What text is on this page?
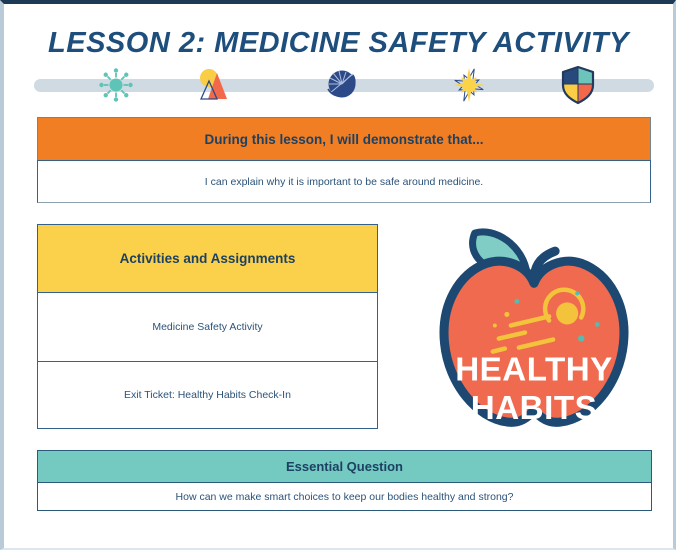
LESSON 2: MEDICINE SAFETY ACTIVITY
During this lesson, I will demonstrate that...
I can explain why it is important to be safe around medicine.
Activities and Assignments
Medicine Safety Activity
Exit Ticket: Healthy Habits Check-In
HEALTHY
HABITS
Essential Question
How can we make smart choices to keep our bodies healthy and strong?
